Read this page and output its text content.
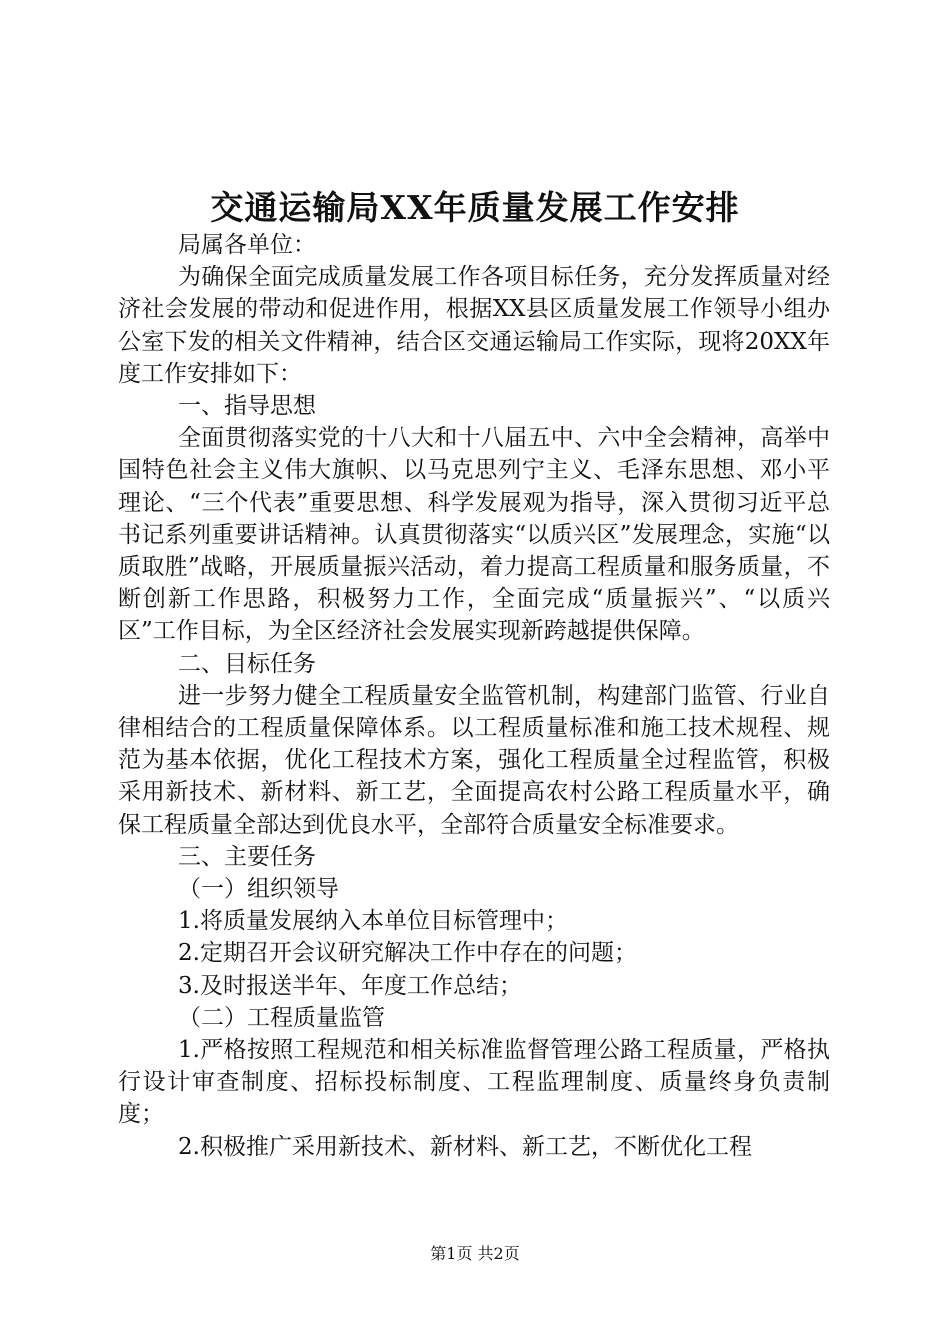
交通运输局XX年质量发展工作安排

局属各单位：

为确保全面完成质量发展工作各项目标任务，充分发挥质量对经济社会发展的带动和促进作用，根据XX县区质量发展工作领导小组办公室下发的相关文件精神，结合区交通运输局工作实际，现将20XX年度工作安排如下：

一、指导思想

全面贯彻落实党的十八大和十八届五中、六中全会精神，高举中国特色社会主义伟大旗帜、以马克思列宁主义、毛泽东思想、邓小平理论、“三个代表”重要思想、科学发展观为指导，深入贯彻习近平总书记系列重要讲话精神。认真贯彻落实“以质兴区”发展理念，实施“以质取胜”战略，开展质量振兴活动，着力提高工程质量和服务质量，不断创新工作思路，积极努力工作，全面完成“质量振兴”、“以质兴区”工作目标，为全区经济社会发展实现新跨越提供保障。

二、目标任务

进一步努力健全工程质量安全监管机制，构建部门监管、行业自律相结合的工程质量保障体系。以工程质量标准和施工技术规程、规范为基本依据，优化工程技术方案，强化工程质量全过程监管，积极采用新技术、新材料、新工艺，全面提高农村公路工程质量水平，确保工程质量全部达到优良水平，全部符合质量安全标准要求。

三、主要任务

（一）组织领导

1.将质量发展纳入本单位目标管理中；

2.定期召开会议研究解决工作中存在的问题；

3.及时报送半年、年度工作总结；

（二）工程质量监管

1.严格按照工程规范和相关标准监督管理公路工程质量，严格执行设计审查制度、招标投标制度、工程监理制度、质量终身负责制度；

2.积极推广采用新技术、新材料、新工艺，不断优化工程

第1页 共2页
